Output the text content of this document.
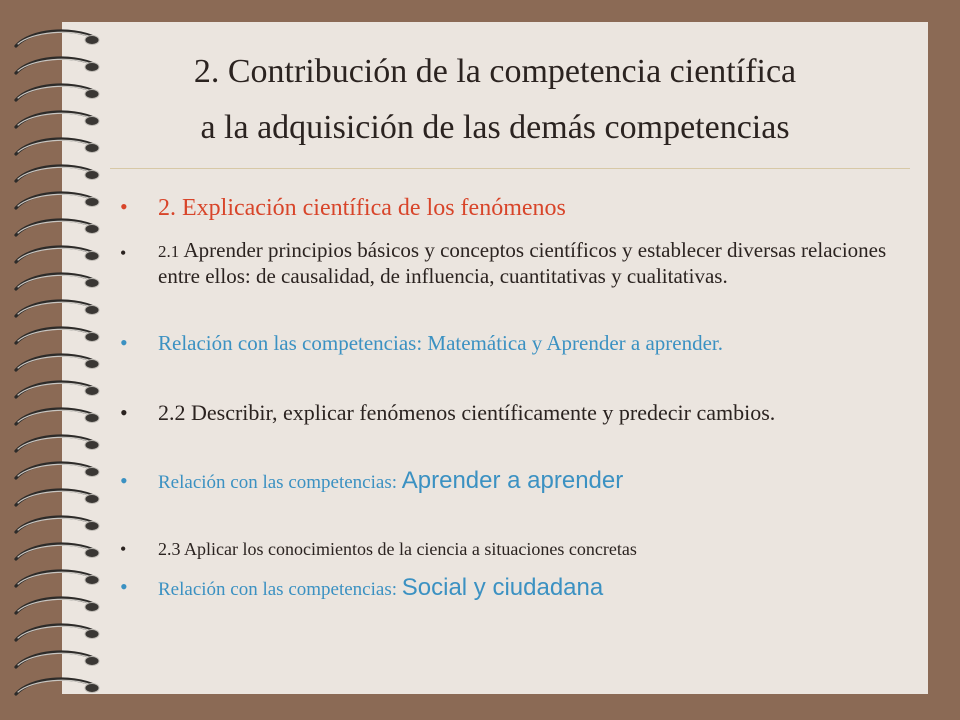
2. Contribución de la competencia científica
a la adquisición de las demás competencias
• 2. Explicación científica de los fenómenos
• 2.1 Aprender principios básicos y conceptos científicos y establecer diversas relaciones entre ellos: de causalidad, de influencia, cuantitativas y cualitativas.
• Relación con las competencias: Matemática y Aprender a aprender.
• 2.2 Describir, explicar fenómenos científicamente y predecir cambios.
• Relación con las competencias: Aprender a aprender
• 2.3 Aplicar los conocimientos de la ciencia a situaciones concretas
• Relación con las competencias: Social y ciudadana
